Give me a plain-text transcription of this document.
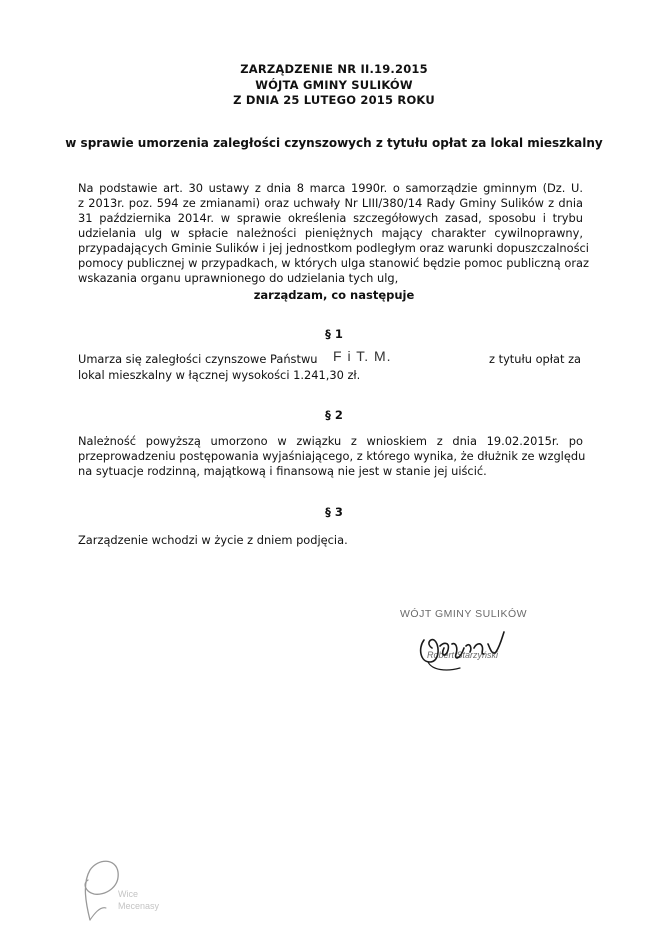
ZARZĄDZENIE NR II.19.2015
WÓJTA GMINY SULIKÓW
Z DNIA 25 LUTEGO 2015 ROKU
w sprawie umorzenia zaległości czynszowych z tytułu opłat za lokal mieszkalny
Na podstawie art. 30 ustawy z dnia 8 marca 1990r. o samorządzie gminnym (Dz. U.
z 2013r. poz. 594 ze zmianami) oraz uchwały Nr LIII/380/14 Rady Gminy Sulików z dnia
31 października 2014r. w sprawie określenia szczegółowych zasad, sposobu i trybu
udzielania ulg w spłacie należności pieniężnych mający charakter cywilnoprawny,
przypadających Gminie Sulików i jej jednostkom podległym oraz warunki dopuszczalności
pomocy publicznej w przypadkach, w których ulga stanowić będzie pomoc publiczną oraz
wskazania organu uprawnionego do udzielania tych ulg,
zarządzam, co następuje
§ 1
Umarza się zaległości czynszowe Państwu	z tytułu opłat za
F i T. M.
lokal mieszkalny w łącznej wysokości 1.241,30 zł.
§ 2
Należność powyższą umorzono w związku z wnioskiem z dnia 19.02.2015r. po
przeprowadzeniu postępowania wyjaśniającego, z którego wynika, że dłużnik ze względu
na sytuacje rodzinną, majątkową i finansową nie jest w stanie jej uiścić.
§ 3
Zarządzenie wchodzi w życie z dniem podjęcia.
WÓJT GMINY SULIKÓW
Robert Starzyński
Wice
Mecenasy
